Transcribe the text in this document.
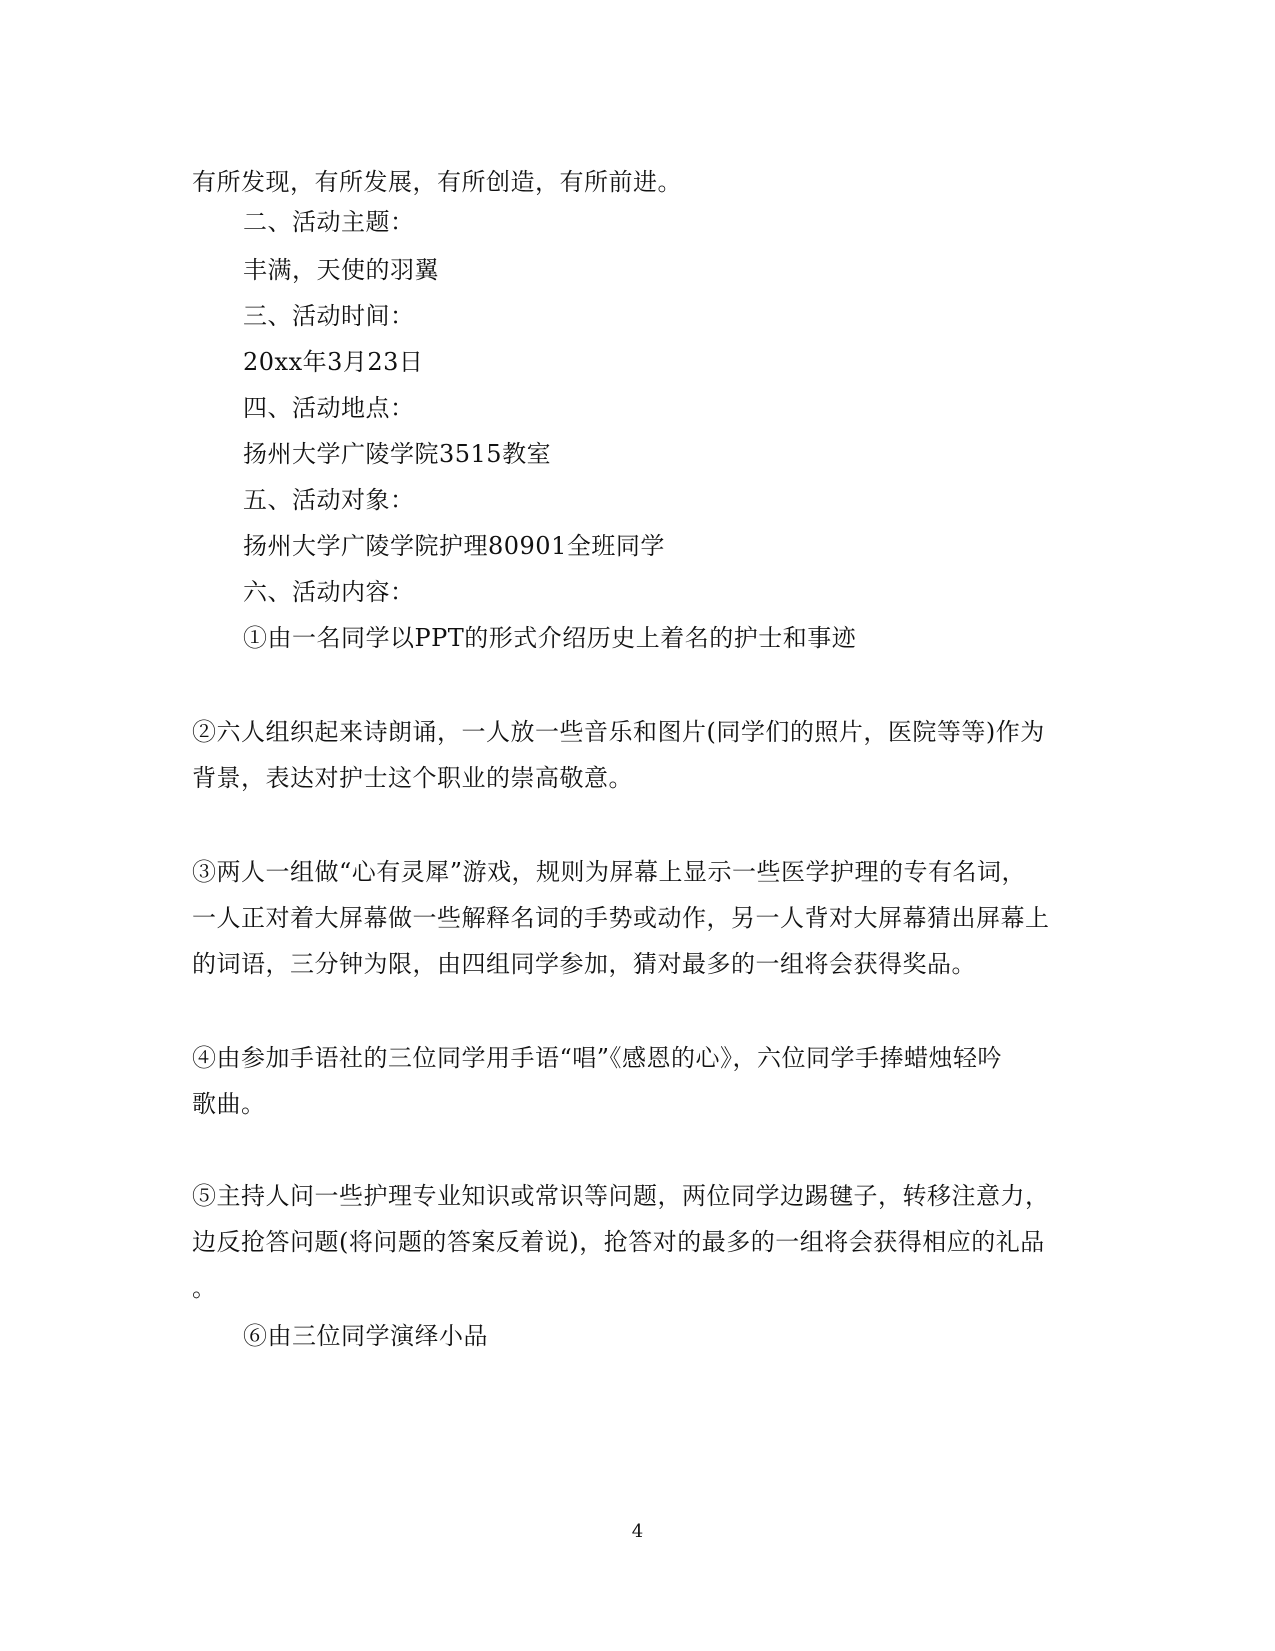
有所发现，有所发展，有所创造，有所前进。
二、活动主题：
丰满，天使的羽翼
三、活动时间：
20xx年3月23日
四、活动地点：
扬州大学广陵学院3515教室
五、活动对象：
扬州大学广陵学院护理80901全班同学
六、活动内容：
①由一名同学以PPT的形式介绍历史上着名的护士和事迹
②六人组织起来诗朗诵，一人放一些音乐和图片(同学们的照片，医院等等)作为
背景，表达对护士这个职业的崇高敬意。
③两人一组做“心有灵犀”游戏，规则为屏幕上显示一些医学护理的专有名词，
一人正对着大屏幕做一些解释名词的手势或动作，另一人背对大屏幕猜出屏幕上
的词语，三分钟为限，由四组同学参加，猜对最多的一组将会获得奖品。
④由参加手语社的三位同学用手语“唱”《感恩的心》，六位同学手捧蜡烛轻吟
歌曲。
⑤主持人问一些护理专业知识或常识等问题，两位同学边踢毽子，转移注意力，
边反抢答问题(将问题的答案反着说)，抢答对的最多的一组将会获得相应的礼品
。
⑥由三位同学演绎小品
4
